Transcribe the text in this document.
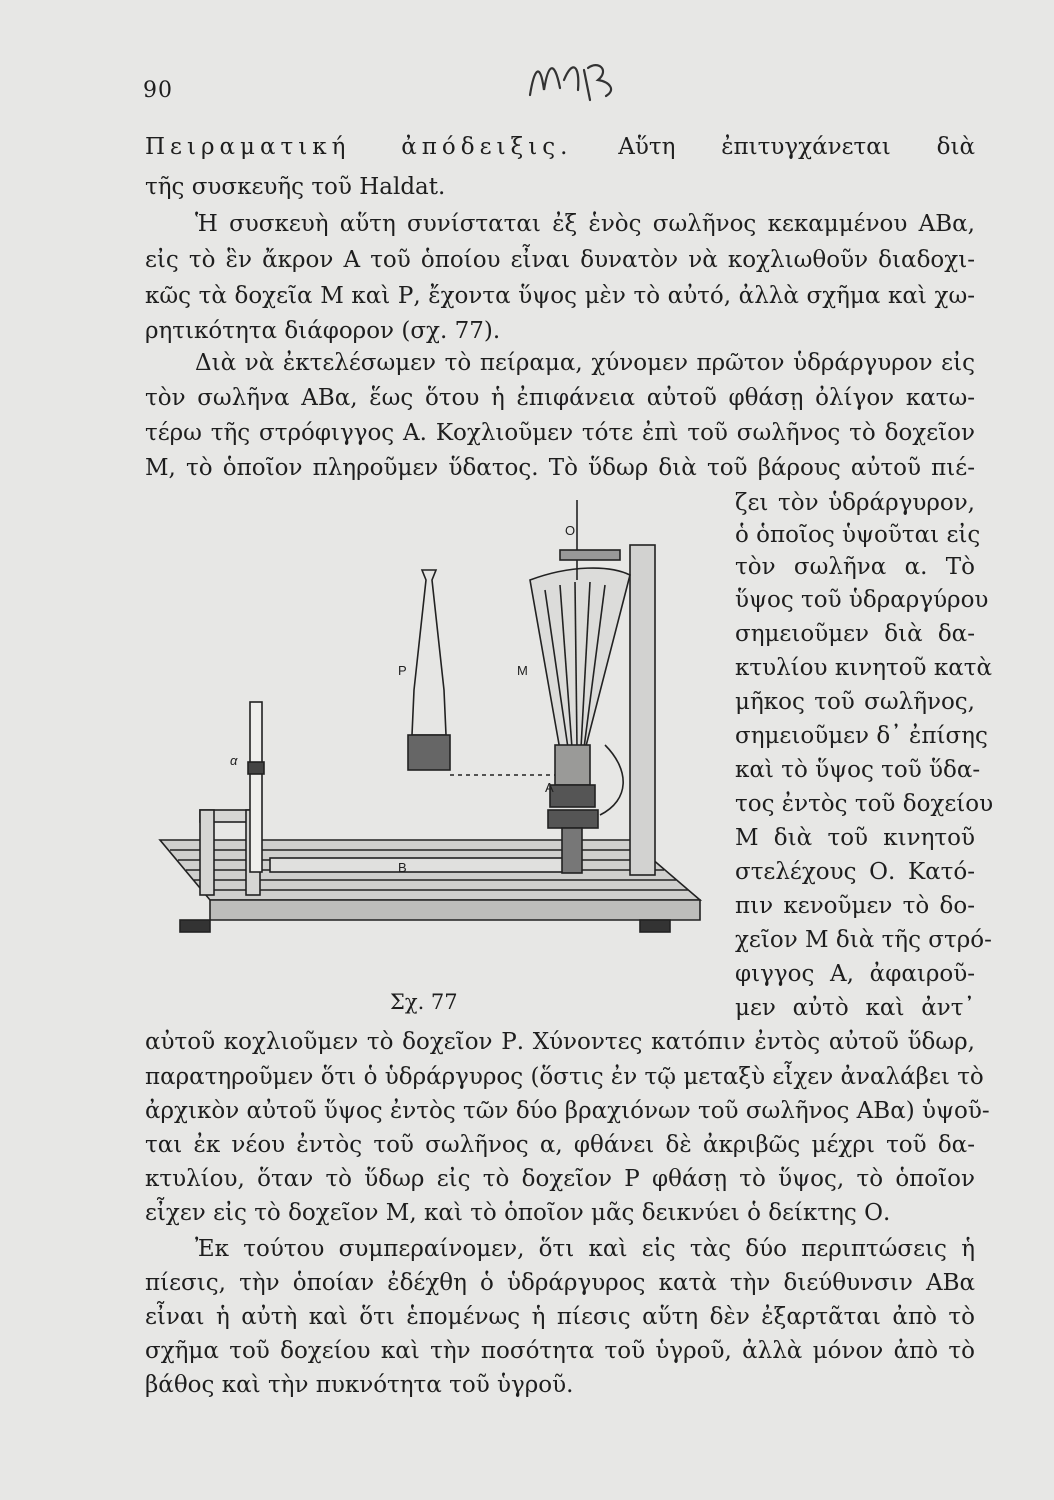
90
Πειραματική ἀπόδειξις. Αὕτη ἐπιτυγχάνεται διὰ
τῆς συσκευῆς τοῦ Haldat.
Ἡ συσκευὴ αὕτη συνίσταται ἐξ ἑνὸς σωλῆνος κεκαμμένου ΑΒα,
εἰς τὸ ἓν ἄκρον Α τοῦ ὁποίου εἶναι δυνατὸν νὰ κοχλιωθοῦν διαδοχι-
κῶς τὰ δοχεῖα Μ καὶ Ρ, ἔχοντα ὕψος μὲν τὸ αὐτό, ἀλλὰ σχῆμα καὶ χω-
ρητικότητα διάφορον (σχ. 77).
Διὰ νὰ ἐκτελέσωμεν τὸ πείραμα, χύνομεν πρῶτον ὑδράργυρον εἰς
τὸν σωλῆνα ΑΒα, ἕως ὅτου ἡ ἐπιφάνεια αὐτοῦ φθάσῃ ὀλίγον κατω-
τέρω τῆς στρόφιγγος Α. Κοχλιοῦμεν τότε ἐπὶ τοῦ σωλῆνος τὸ δοχεῖον
Μ, τὸ ὁποῖον πληροῦμεν ὕδατος. Τὸ ὕδωρ διὰ τοῦ βάρους αὐτοῦ πιέ-
ζει τὸν ὑδράργυρον,
ὁ ὁποῖος ὑψοῦται εἰς
τὸν σωλῆνα α. Τὸ
ὕψος τοῦ ὑδραργύρου
σημειοῦμεν διὰ δα-
κτυλίου κινητοῦ κατὰ
μῆκος τοῦ σωλῆνος,
σημειοῦμεν δ᾽ ἐπίσης
καὶ τὸ ὕψος τοῦ ὕδα-
τος ἐντὸς τοῦ δοχείου
Μ διὰ τοῦ κινητοῦ
στελέχους Ο. Κατό-
πιν κενοῦμεν τὸ δο-
χεῖον Μ διὰ τῆς στρό-
φιγγος Α, ἀφαιροῦ-
μεν αὐτὸ καὶ ἀντ᾽
Ο
Ρ	Μ
α
Α
Β
Σχ. 77
αὐτοῦ κοχλιοῦμεν τὸ δοχεῖον Ρ. Χύνοντες κατόπιν ἐντὸς αὐτοῦ ὕδωρ,
παρατηροῦμεν ὅτι ὁ ὑδράργυρος (ὅστις ἐν τῷ μεταξὺ εἶχεν ἀναλάβει τὸ
ἀρχικὸν αὐτοῦ ὕψος ἐντὸς τῶν δύο βραχιόνων τοῦ σωλῆνος ΑΒα) ὑψοῦ-
ται ἐκ νέου ἐντὸς τοῦ σωλῆνος α, φθάνει δὲ ἀκριβῶς μέχρι τοῦ δα-
κτυλίου, ὅταν τὸ ὕδωρ εἰς τὸ δοχεῖον Ρ φθάσῃ τὸ ὕψος, τὸ ὁποῖον
εἶχεν εἰς τὸ δοχεῖον Μ, καὶ τὸ ὁποῖον μᾶς δεικνύει ὁ δείκτης Ο.
Ἐκ τούτου συμπεραίνομεν, ὅτι καὶ εἰς τὰς δύο περιπτώσεις ἡ
πίεσις, τὴν ὁποίαν ἐδέχθη ὁ ὑδράργυρος κατὰ τὴν διεύθυνσιν ΑΒα
εἶναι ἡ αὐτὴ καὶ ὅτι ἑπομένως ἡ πίεσις αὕτη δὲν ἐξαρτᾶται ἀπὸ τὸ
σχῆμα τοῦ δοχείου καὶ τὴν ποσότητα τοῦ ὑγροῦ, ἀλλὰ μόνον ἀπὸ τὸ
βάθος καὶ τὴν πυκνότητα τοῦ ὑγροῦ.
